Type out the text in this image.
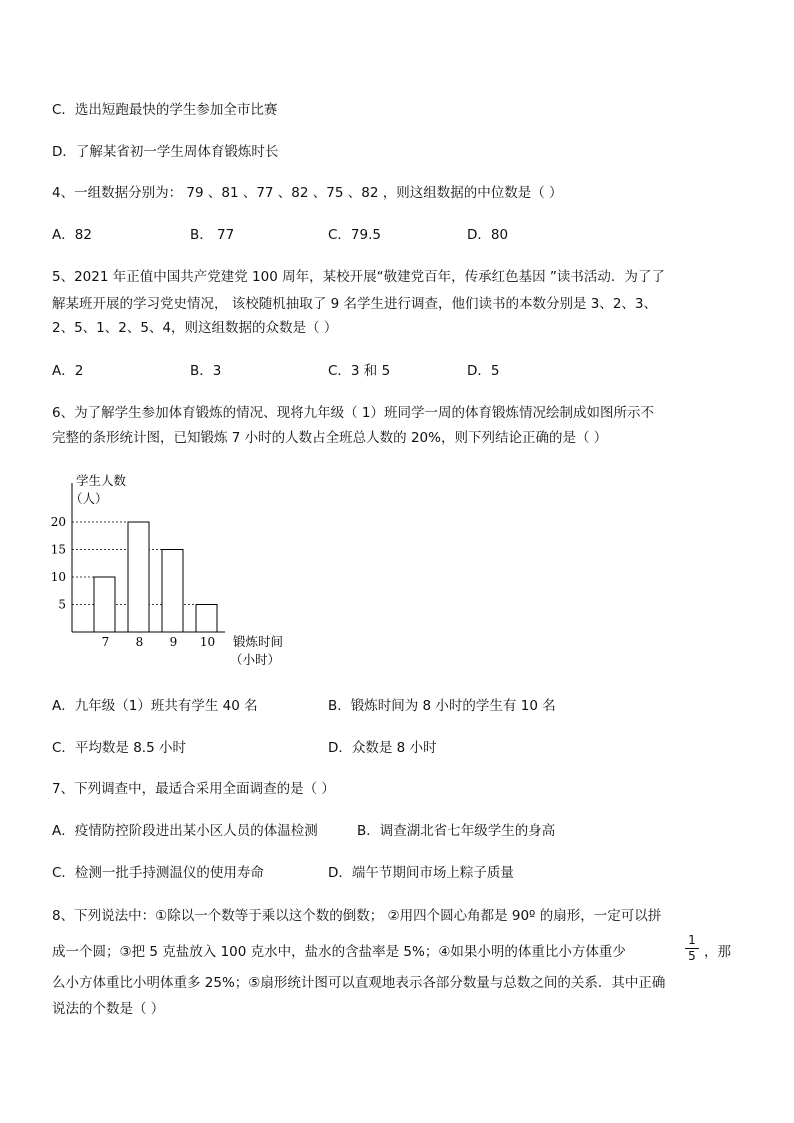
C．选出短跑最快的学生参加全市比赛
D．了解某省初一学生周体育锻炼时长
4、一组数据分别为： 79 、81 、77 、82 、75 、82 ，则这组数据的中位数是（ ）
A．82	B． 77	C．79.5	D．80
5、2021 年正值中国共产党建党 100 周年，某校开展“敬建党百年，传承红色基因 ”读书活动．为了了
解某班开展的学习党史情况， 该校随机抽取了 9 名学生进行调查，他们读书的本数分别是 3、2、3、
2、5、1、2、5、4，则这组数据的众数是（ ）
A．2	B．3	C．3 和 5	D．5
6、为了解学生参加体育锻炼的情况、现将九年级（ 1）班同学一周的体育锻炼情况绘制成如图所示不
完整的条形统计图，已知锻炼 7 小时的人数占全班总人数的 20%，则下列结论正确的是（ ）
5
10
15
20
7 8 9 10
学生人数
（人）
锻炼时间
（小时）
A．九年级（1）班共有学生 40 名	B．锻炼时间为 8 小时的学生有 10 名
C．平均数是 8.5 小时	D．众数是 8 小时
7、下列调查中，最适合采用全面调查的是（ ）
A．疫情防控阶段进出某小区人员的体温检测	B．调查湖北省七年级学生的身高
C．检测一批手持测温仪的使用寿命	D．端午节期间市场上粽子质量
8、下列说法中：①除以一个数等于乘以这个数的倒数； ②用四个圆心角都是 90º 的扇形，一定可以拼
成一个圆；③把 5 克盐放入 100 克水中，盐水的含盐率是 5%；④如果小明的体重比小方体重少
1
5 ，那
么小方体重比小明体重多 25%；⑤扇形统计图可以直观地表示各部分数量与总数之间的关系．其中正确
说法的个数是（ ）
